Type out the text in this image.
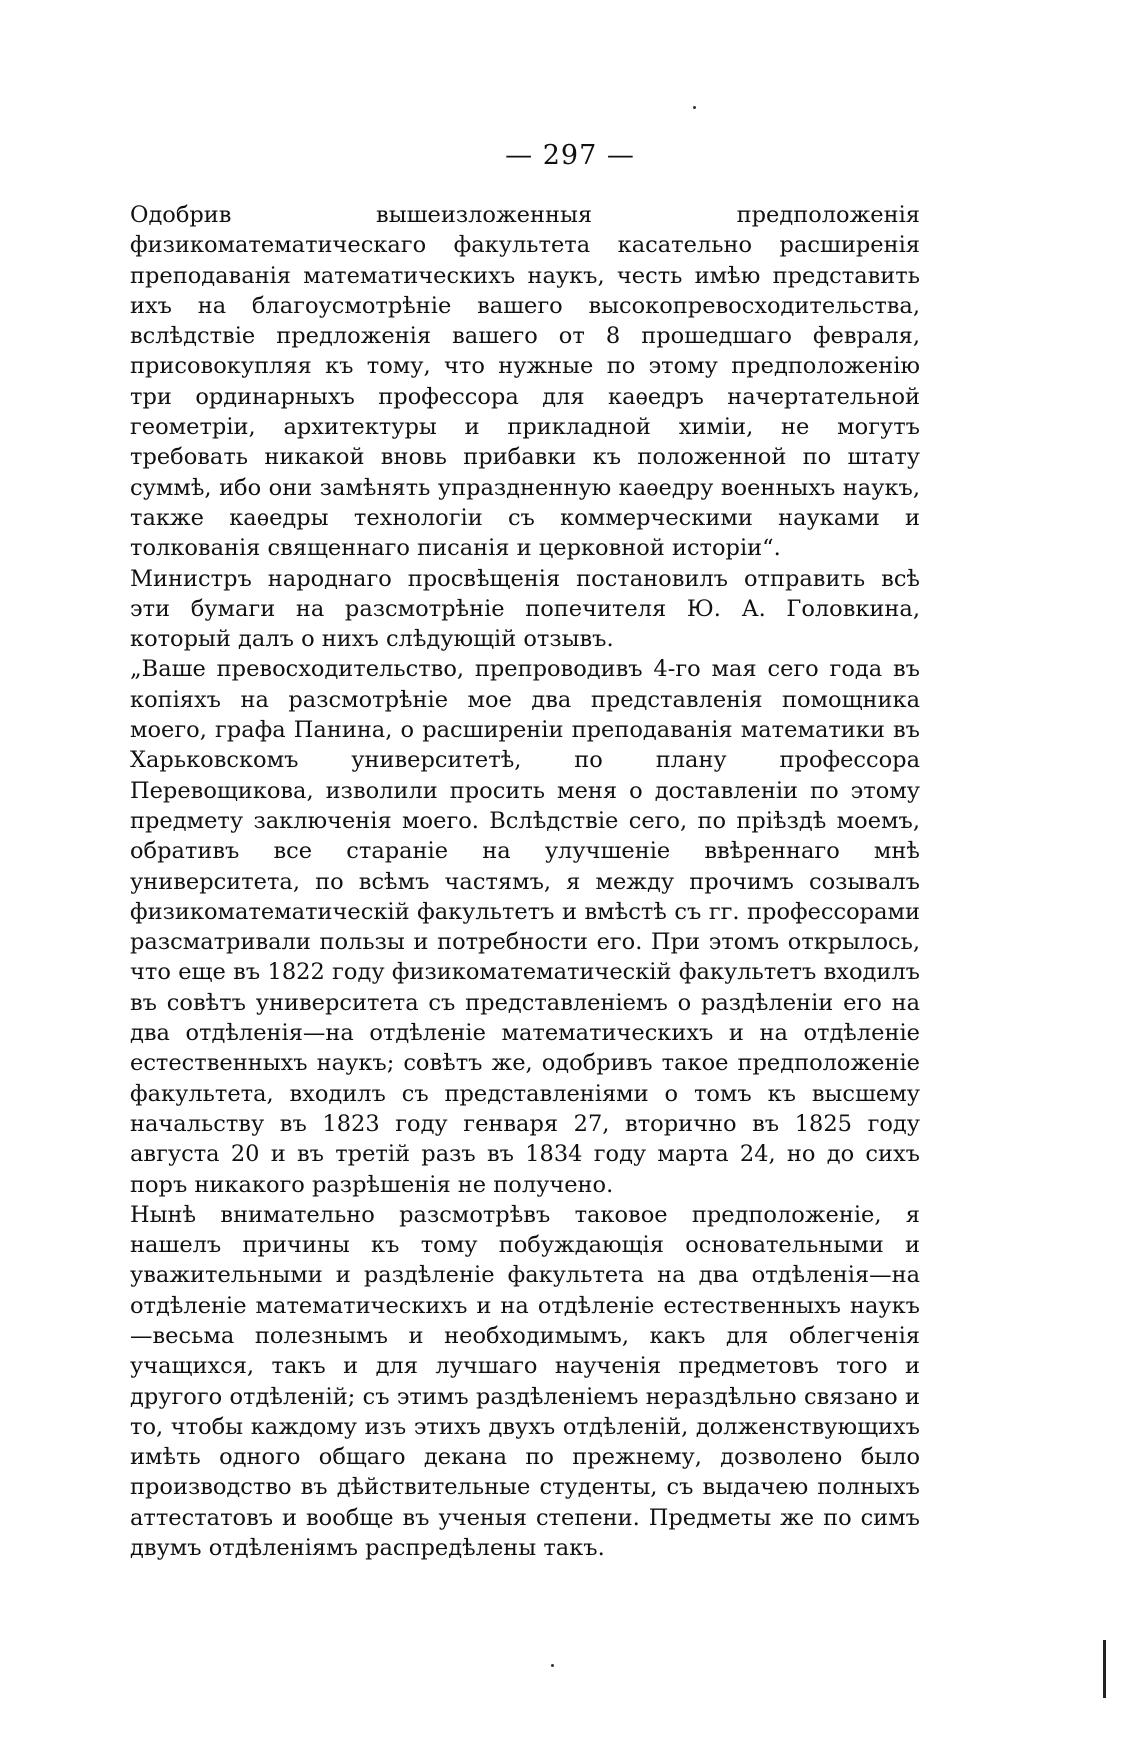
— 297 —

Одобрив вышеизложенныя предположенія физикоматематическаго факультета касательно расширенія преподаванія математическихъ наукъ, честь имѣю представить ихъ на благоусмотрѣніе вашего высокопревосходительства, вслѣдствіе предложенія вашего от 8 прошедшаго февраля, присовокупляя къ тому, что нужные по этому предположенію три ординарныхъ профессора для каѳедръ начертательной геометріи, архитектуры и прикладной химіи, не могутъ требовать никакой вновь прибавки къ положенной по штату суммѣ, ибо они замѣнять упраздненную каѳедру военныхъ наукъ, также каѳедры технологіи съ коммерческими науками и толкованія священнаго писанія и церковной исторіи“.

Министръ народнаго просвѣщенія постановилъ отправить всѣ эти бумаги на разсмотрѣніе попечителя Ю. А. Головкина, который далъ о нихъ слѣдующій отзывъ.

„Ваше превосходительство, препроводивъ 4-го мая сего года въ копіяхъ на разсмотрѣніе мое два представленія помощника моего, графа Панина, о расширеніи преподаванія математики въ Харьковскомъ университетѣ, по плану профессора Перевощикова, изволили просить меня о доставленіи по этому предмету заключенія моего. Вслѣдствіе сего, по пріѣздѣ моемъ, обративъ все стараніе на улучшеніе ввѣреннаго мнѣ университета, по всѣмъ частямъ, я между прочимъ созывалъ физикоматематическій факультетъ и вмѣстѣ съ гг. профессорами разсматривали пользы и потребности его. При этомъ открылось, что еще въ 1822 году физикоматематическій факультетъ входилъ въ совѣтъ университета съ представленіемъ о раздѣленіи его на два отдѣленія—на отдѣленіе математическихъ и на отдѣленіе естественныхъ наукъ; совѣтъ же, одобривъ такое предположеніе факультета, входилъ съ представленіями о томъ къ высшему начальству въ 1823 году генваря 27, вторично въ 1825 году августа 20 и въ третій разъ въ 1834 году марта 24, но до сихъ поръ никакого разрѣшенія не получено.

Нынѣ внимательно разсмотрѣвъ таковое предположеніе, я нашелъ причины къ тому побуждающія основательными и уважительными и раздѣленіе факультета на два отдѣленія—на отдѣленіе математическихъ и на отдѣленіе естественныхъ наукъ—весьма полезнымъ и необходимымъ, какъ для облегченія учащихся, такъ и для лучшаго наученія предметовъ того и другого отдѣленій; съ этимъ раздѣленіемъ нераздѣльно связано и то, чтобы каждому изъ этихъ двухъ отдѣленій, долженствующихъ имѣть одного общаго декана по прежнему, дозволено было производство въ дѣйствительные студенты, съ выдачею полныхъ аттестатовъ и вообще въ ученыя степени. Предметы же по симъ двумъ отдѣленіямъ распредѣлены такъ.
